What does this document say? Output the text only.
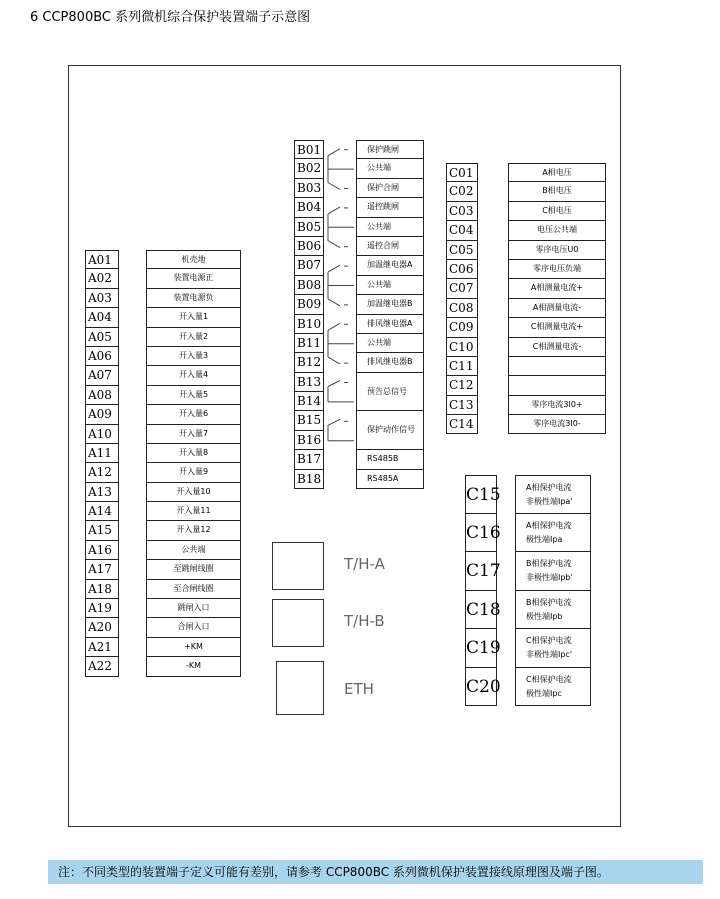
6 CCP800BC 系列微机综合保护装置端子示意图
A01
A02
A03
A04
A05
A06
A07
A08
A09
A10
A11
A12
A13
A14
A15
A16
A17
A18
A19
A20
A21
A22
机壳地
装置电源正
装置电源负
开入量1
开入量2
开入量3
开入量4
开入量5
开入量6
开入量7
开入量8
开入量9
开入量10
开入量11
开入量12
公共端
至跳闸线圈
至合闸线圈
跳闸入口
合闸入口
+KM
-KM
B01
B02
B03
B04
B05
B06
B07
B08
B09
B10
B11
B12
B13
B14
B15
B16
B17
B18
保护跳闸
公共端
保护合闸
遥控跳闸
公共端
遥控合闸
加温继电器A
公共端
加温继电器B
排风继电器A
公共端
排风继电器B
预告总信号
保护动作信号
RS485B
RS485A
C01
C02
C03
C04
C05
C06
C07
C08
C09
C10
C11
C12
C13
C14
A相电压
B相电压
C相电压
电压公共端
零序电压U0
零序电压负端
A相测量电流+
A相测量电流-
C相测量电流+
C相测量电流-
零序电流3I0+
零序电流3I0-
C15
C16
C17
C18
C19
C20
A相保护电流
非极性端Ipa'
A相保护电流
极性端Ipa
B相保护电流
非极性端Ipb'
B相保护电流
极性端Ipb
C相保护电流
非极性端Ipc'
C相保护电流
极性端Ipc
T/H-A
T/H-B
ETH
注：不同类型的装置端子定义可能有差别，请参考 CCP800BC 系列微机保护装置接线原理图及端子图。
